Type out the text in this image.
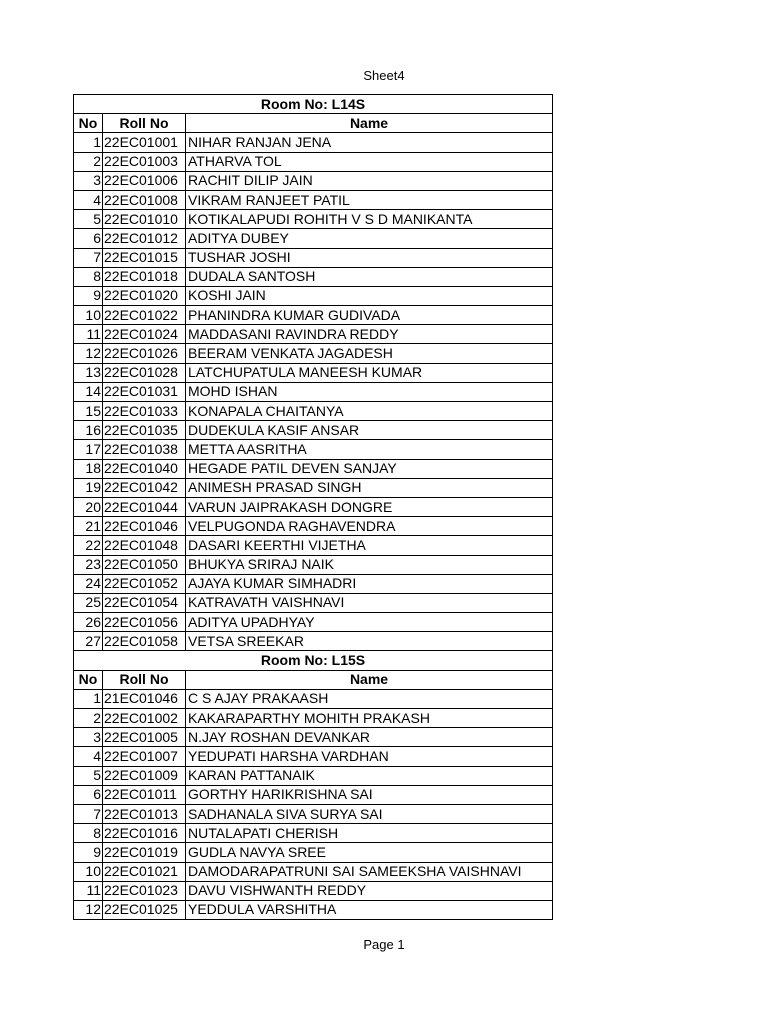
Sheet4
Room No: L14S		
No	Roll No	Name
1	22EC01001	NIHAR RANJAN JENA
2	22EC01003	ATHARVA TOL
3	22EC01006	RACHIT DILIP JAIN
4	22EC01008	VIKRAM RANJEET PATIL
5	22EC01010	KOTIKALAPUDI ROHITH V S D MANIKANTA
6	22EC01012	ADITYA DUBEY
7	22EC01015	TUSHAR JOSHI
8	22EC01018	DUDALA SANTOSH
9	22EC01020	KOSHI JAIN
10	22EC01022	PHANINDRA KUMAR GUDIVADA
11	22EC01024	MADDASANI RAVINDRA REDDY
12	22EC01026	BEERAM VENKATA JAGADESH
13	22EC01028	LATCHUPATULA MANEESH KUMAR
14	22EC01031	MOHD ISHAN
15	22EC01033	KONAPALA CHAITANYA
16	22EC01035	DUDEKULA KASIF ANSAR
17	22EC01038	METTA AASRITHA
18	22EC01040	HEGADE PATIL DEVEN SANJAY
19	22EC01042	ANIMESH PRASAD SINGH
20	22EC01044	VARUN JAIPRAKASH DONGRE
21	22EC01046	VELPUGONDA RAGHAVENDRA
22	22EC01048	DASARI KEERTHI VIJETHA
23	22EC01050	BHUKYA SRIRAJ NAIK
24	22EC01052	AJAYA KUMAR SIMHADRI
25	22EC01054	KATRAVATH VAISHNAVI
26	22EC01056	ADITYA UPADHYAY
27	22EC01058	VETSA SREEKAR
Room No: L15S		
No	Roll No	Name
1	21EC01046	C S AJAY PRAKAASH
2	22EC01002	KAKARAPARTHY MOHITH PRAKASH
3	22EC01005	N.JAY ROSHAN DEVANKAR
4	22EC01007	YEDUPATI HARSHA VARDHAN
5	22EC01009	KARAN PATTANAIK
6	22EC01011	GORTHY HARIKRISHNA SAI
7	22EC01013	SADHANALA SIVA SURYA SAI
8	22EC01016	NUTALAPATI CHERISH
9	22EC01019	GUDLA NAVYA SREE
10	22EC01021	DAMODARAPATRUNI SAI SAMEEKSHA VAISHNAVI
11	22EC01023	DAVU VISHWANTH REDDY
12	22EC01025	YEDDULA VARSHITHA
Page 1
